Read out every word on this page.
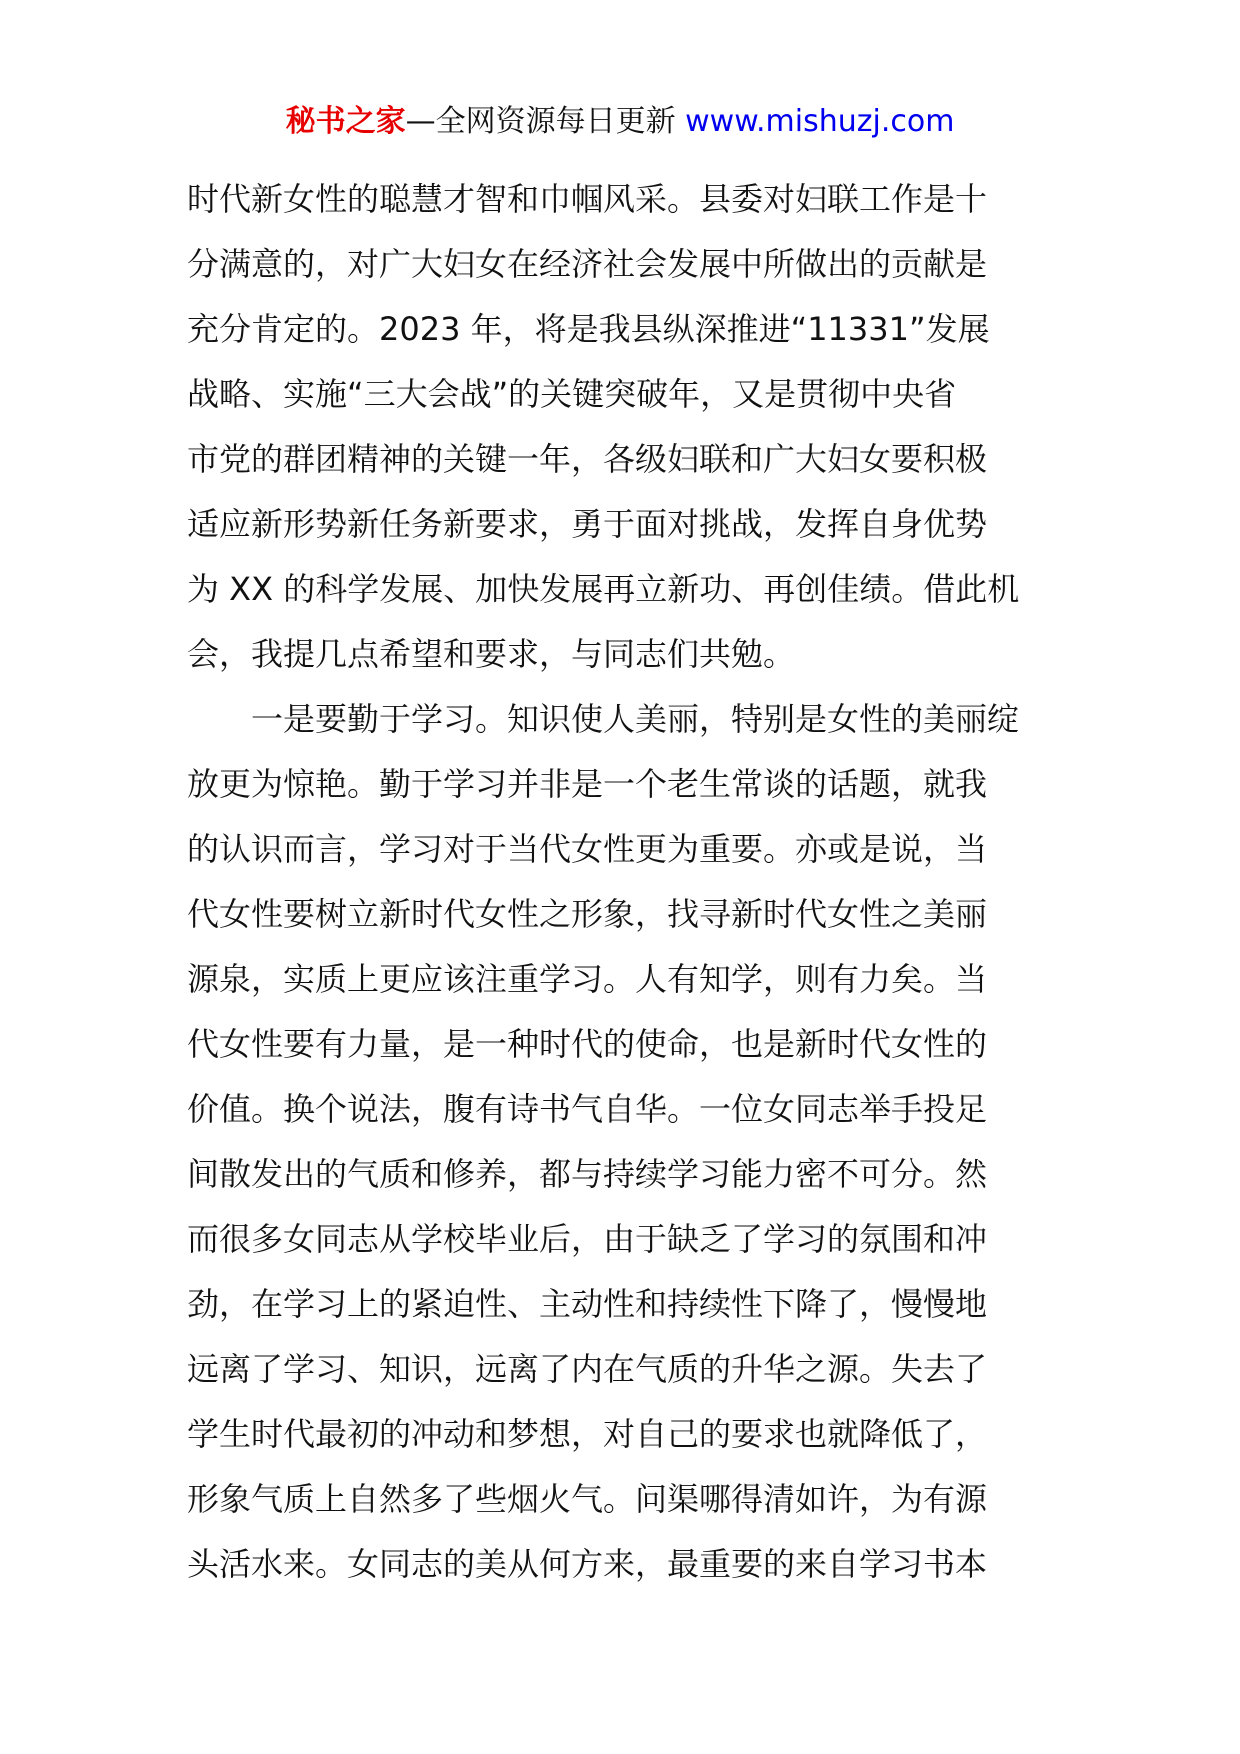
秘书之家—全网资源每日更新 www.mishuzj.com
时代新女性的聪慧才智和巾帼风采。县委对妇联工作是十
分满意的，对广大妇女在经济社会发展中所做出的贡献是
充分肯定的。2023 年，将是我县纵深推进“11331”发展
战略、实施“三大会战”的关键突破年，又是贯彻中央省
市党的群团精神的关键一年，各级妇联和广大妇女要积极
适应新形势新任务新要求，勇于面对挑战，发挥自身优势
为 XX 的科学发展、加快发展再立新功、再创佳绩。借此机
会，我提几点希望和要求，与同志们共勉。
　　一是要勤于学习。知识使人美丽，特别是女性的美丽绽
放更为惊艳。勤于学习并非是一个老生常谈的话题，就我
的认识而言，学习对于当代女性更为重要。亦或是说，当
代女性要树立新时代女性之形象，找寻新时代女性之美丽
源泉，实质上更应该注重学习。人有知学，则有力矣。当
代女性要有力量，是一种时代的使命，也是新时代女性的
价值。换个说法，腹有诗书气自华。一位女同志举手投足
间散发出的气质和修养，都与持续学习能力密不可分。然
而很多女同志从学校毕业后，由于缺乏了学习的氛围和冲
劲，在学习上的紧迫性、主动性和持续性下降了，慢慢地
远离了学习、知识，远离了内在气质的升华之源。失去了
学生时代最初的冲动和梦想，对自己的要求也就降低了，
形象气质上自然多了些烟火气。问渠哪得清如许，为有源
头活水来。女同志的美从何方来，最重要的来自学习书本
